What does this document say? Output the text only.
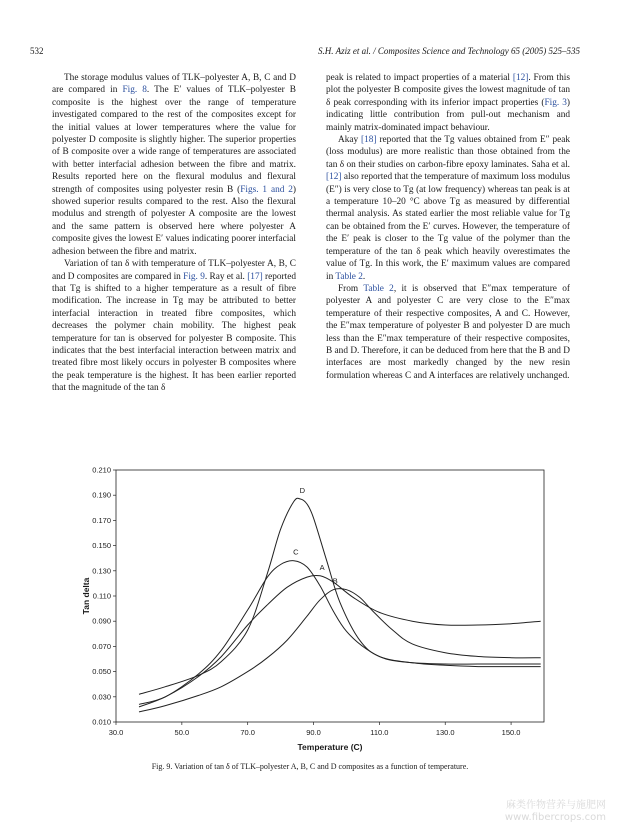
532	S.H. Aziz et al. / Composites Science and Technology 65 (2005) 525–535

The storage modulus values of TLK–polyester A, B, C and D are compared in Fig. 8. The E′ values of TLK–polyester B composite is the highest over the range of temperature investigated compared to the rest of the composites except for the initial values at lower temperatures where the value for polyester D composite is slightly higher. The superior properties of B composite over a wide range of temperatures are associated with better interfacial adhesion between the fibre and matrix. Results reported here on the flexural modulus and flexural strength of composites using polyester resin B (Figs. 1 and 2) showed superior results compared to the rest. Also the flexural modulus and strength of polyester A composite are the lowest and the same pattern is observed here where polyester A composite gives the lowest E′ values indicating poorer interfacial adhesion between the fibre and matrix.

Variation of tan δ with temperature of TLK–polyester A, B, C and D composites are compared in Fig. 9. Ray et al. [17] reported that Tg is shifted to a higher temperature as a result of fibre modification. The increase in Tg may be attributed to better interfacial interaction in treated fibre composites, which decreases the polymer chain mobility. The highest peak temperature for tan is observed for polyester B composite. This indicates that the best interfacial interaction between matrix and treated fibre most likely occurs in polyester B composites where the peak temperature is the highest. It has been earlier reported that the magnitude of the tan δ

peak is related to impact properties of a material [12]. From this plot the polyester B composite gives the lowest magnitude of tan δ peak corresponding with its inferior impact properties (Fig. 3) indicating little contribution from pull-out mechanism and mainly matrix-dominated impact behaviour.

Akay [18] reported that the Tg values obtained from E″ peak (loss modulus) are more realistic than those obtained from the tan δ on their studies on carbon-fibre epoxy laminates. Saha et al. [12] also reported that the temperature of maximum loss modulus (E″) is very close to Tg (at low frequency) whereas tan peak is at a temperature 10–20 °C above Tg as measured by differential thermal analysis. As stated earlier the most reliable value for Tg can be obtained from the E′ curves. However, the temperature of the E′ peak is closer to the Tg value of the polymer than the temperature of the tan δ peak which heavily overestimates the value of Tg. In this work, the E′ maximum values are compared in Table 2.

From Table 2, it is observed that E″max temperature of polyester A and polyester C are very close to the E″max temperature of their respective composites, A and C. However, the E″max temperature of polyester B and polyester D are much less than the E″max temperature of their respective composites, B and D. Therefore, it can be deduced from here that the B and D interfaces are most markedly changed by the new resin formulation whereas C and A interfaces are relatively unchanged.

30.0	50.0	70.0	90.0	110.0	130.0	150.0
0.010
0.030
0.050
0.070
0.090
0.110
0.130
0.150
0.170
0.190
0.210
Temperature (C)
Tan delta
A
B
C
D
Fig. 9. Variation of tan δ of TLK–polyester A, B, C and D composites as a function of temperature.
麻类作物营养与施肥网
www.fibercrops.com
